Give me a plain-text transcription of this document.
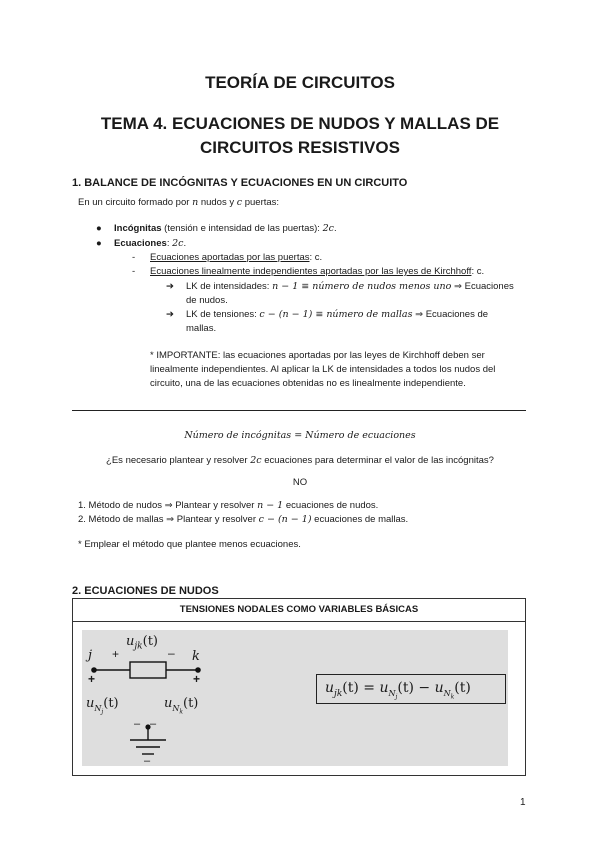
TEORÍA DE CIRCUITOS
TEMA 4. ECUACIONES DE NUDOS Y MALLAS DE
CIRCUITOS RESISTIVOS
1. BALANCE DE INCÓGNITAS Y ECUACIONES EN UN CIRCUITO
En un circuito formado por n nudos y c puertas:
● Incógnitas (tensión e intensidad de las puertas): 2c.
● Ecuaciones: 2c.
- Ecuaciones aportadas por las puertas: c.
- Ecuaciones linealmente independientes aportadas por las leyes de Kirchhoff: c.
➔ LK de intensidades: n − 1 ≡ número de nudos menos uno ⇒ Ecuaciones
de nudos.
➔ LK de tensiones: c − (n − 1) ≡ número de mallas ⇒ Ecuaciones de
mallas.
* IMPORTANTE: las ecuaciones aportadas por las leyes de Kirchhoff deben ser
linealmente independientes. Al aplicar la LK de intensidades a todos los nudos del
circuito, una de las ecuaciones obtenidas no es linealmente independiente.
Número de incógnitas = Número de ecuaciones
¿Es necesario plantear y resolver 2c ecuaciones para determinar el valor de las incógnitas?
NO
1. Método de nudos ⇒ Plantear y resolver n − 1 ecuaciones de nudos.
2. Método de mallas ⇒ Plantear y resolver c − (n − 1) ecuaciones de mallas.
* Emplear el método que plantee menos ecuaciones.
2. ECUACIONES DE NUDOS
TENSIONES NODALES COMO VARIABLES BÁSICAS
j	k
+	–
$u_{jk}(t)$
+	+
$u_{N_j}(t)$	$u_{N_k}(t)$
– –
–
$u_{jk}(t) = u_{N_j}(t) - u_{N_k}(t)$
1
